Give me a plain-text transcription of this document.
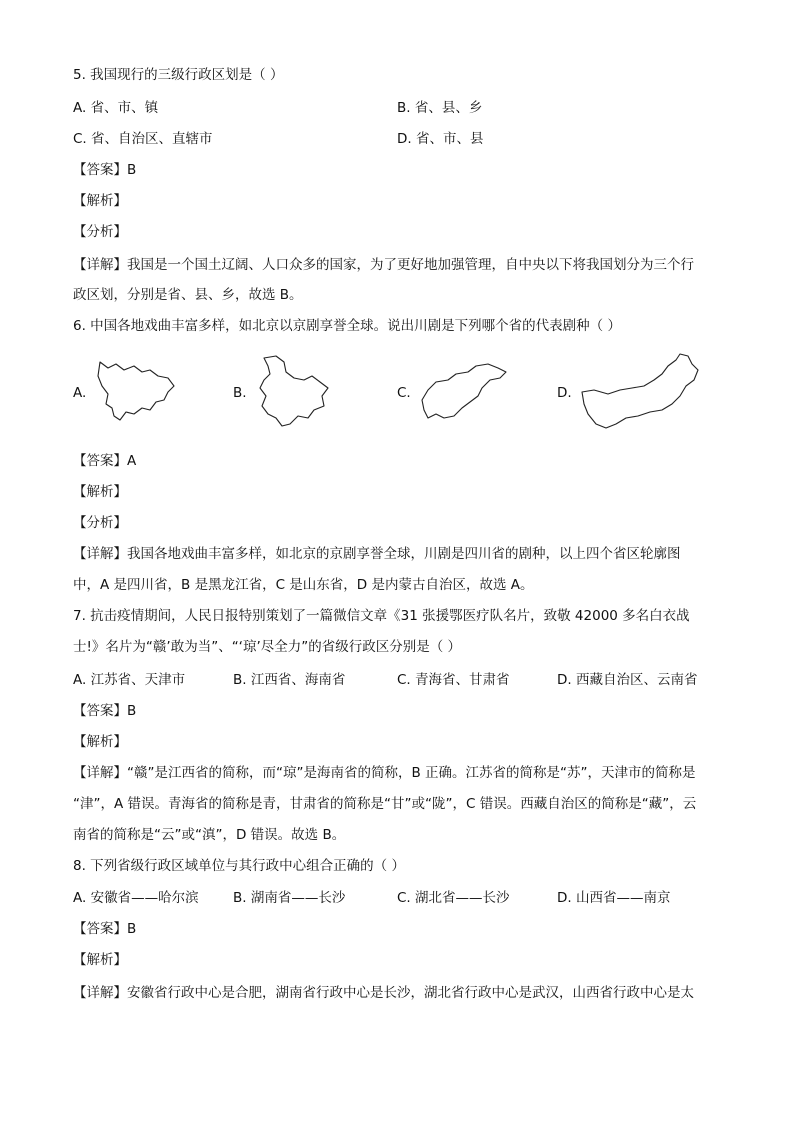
5. 我国现行的三级行政区划是（ ）
A. 省、市、镇	B. 省、县、乡
C. 省、自治区、直辖市	D. 省、市、县
【答案】B
【解析】
【分析】
【详解】我国是一个国土辽阔、人口众多的国家，为了更好地加强管理，自中央以下将我国划分为三个行
政区划，分别是省、县、乡，故选 B。
6. 中国各地戏曲丰富多样，如北京以京剧享誉全球。说出川剧是下列哪个省的代表剧种（ ）
A.	B.	C.	D.
【答案】A
【解析】
【分析】
【详解】我国各地戏曲丰富多样，如北京的京剧享誉全球，川剧是四川省的剧种，以上四个省区轮廓图
中，A 是四川省，B 是黑龙江省，C 是山东省，D 是内蒙古自治区，故选 A。
7. 抗击疫情期间，人民日报特别策划了一篇微信文章《31 张援鄂医疗队名片，致敬 42000 多名白衣战
士!》名片为“赣’敢为当”、“‘琼’尽全力”的省级行政区分别是（ ）
A. 江苏省、天津市	B. 江西省、海南省	C. 青海省、甘肃省	D. 西藏自治区、云南省
【答案】B
【解析】
【详解】“赣”是江西省的简称，而“琼”是海南省的简称，B 正确。江苏省的简称是“苏”，天津市的简称是
“津”，A 错误。青海省的简称是青，甘肃省的简称是“甘”或“陇”，C 错误。西藏自治区的简称是“藏”，云
南省的简称是“云”或“滇”，D 错误。故选 B。
8. 下列省级行政区域单位与其行政中心组合正确的（ ）
A. 安徽省——哈尔滨	B. 湖南省——长沙	C. 湖北省——长沙	D. 山西省——南京
【答案】B
【解析】
【详解】安徽省行政中心是合肥，湖南省行政中心是长沙，湖北省行政中心是武汉，山西省行政中心是太
